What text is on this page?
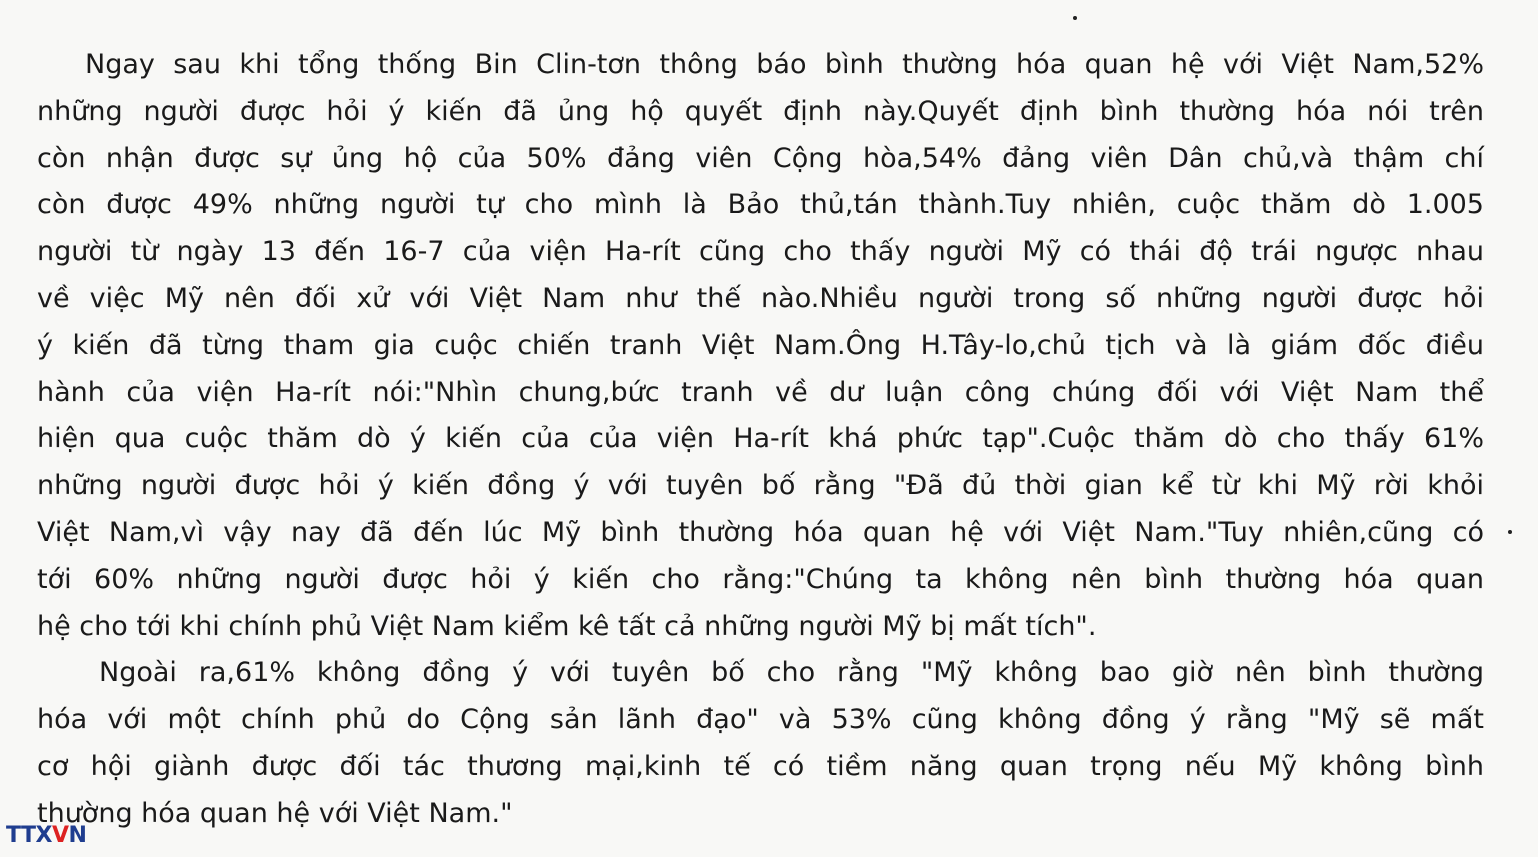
Ngay sau khi tổng thống Bin Clin-tơn thông báo bình thường hóa quan hệ với Việt Nam,52%
những người được hỏi ý kiến đã ủng hộ quyết định này.Quyết định bình thường hóa nói trên
còn nhận được sự ủng hộ của 50% đảng viên Cộng hòa,54% đảng viên Dân chủ,và thậm chí
còn được 49% những người tự cho mình là Bảo thủ,tán thành.Tuy nhiên, cuộc thăm dò 1.005
người từ ngày 13 đến 16-7 của viện Ha-rít cũng cho thấy người Mỹ có thái độ trái ngược nhau
về việc Mỹ nên đối xử với Việt Nam như thế nào.Nhiều người trong số những người được hỏi
ý kiến đã từng tham gia cuộc chiến tranh Việt Nam.Ông H.Tây-lo,chủ tịch và là giám đốc điều
hành của viện Ha-rít nói:"Nhìn chung,bức tranh về dư luận công chúng đối với Việt Nam thể
hiện qua cuộc thăm dò ý kiến của của viện Ha-rít khá phức tạp".Cuộc thăm dò cho thấy 61%
những người được hỏi ý kiến đồng ý với tuyên bố rằng "Đã đủ thời gian kể từ khi Mỹ rời khỏi
Việt Nam,vì vậy nay đã đến lúc Mỹ bình thường hóa quan hệ với Việt Nam."Tuy nhiên,cũng có
tới 60% những người được hỏi ý kiến cho rằng:"Chúng ta không nên bình thường hóa quan
hệ cho tới khi chính phủ Việt Nam kiểm kê tất cả những người Mỹ bị mất tích".
Ngoài ra,61% không đồng ý với tuyên bố cho rằng "Mỹ không bao giờ nên bình thường
hóa với một chính phủ do Cộng sản lãnh đạo" và 53% cũng không đồng ý rằng "Mỹ sẽ mất
cơ hội giành được đối tác thương mại,kinh tế có tiềm năng quan trọng nếu Mỹ không bình
thường hóa quan hệ với Việt Nam."
TTXVN
